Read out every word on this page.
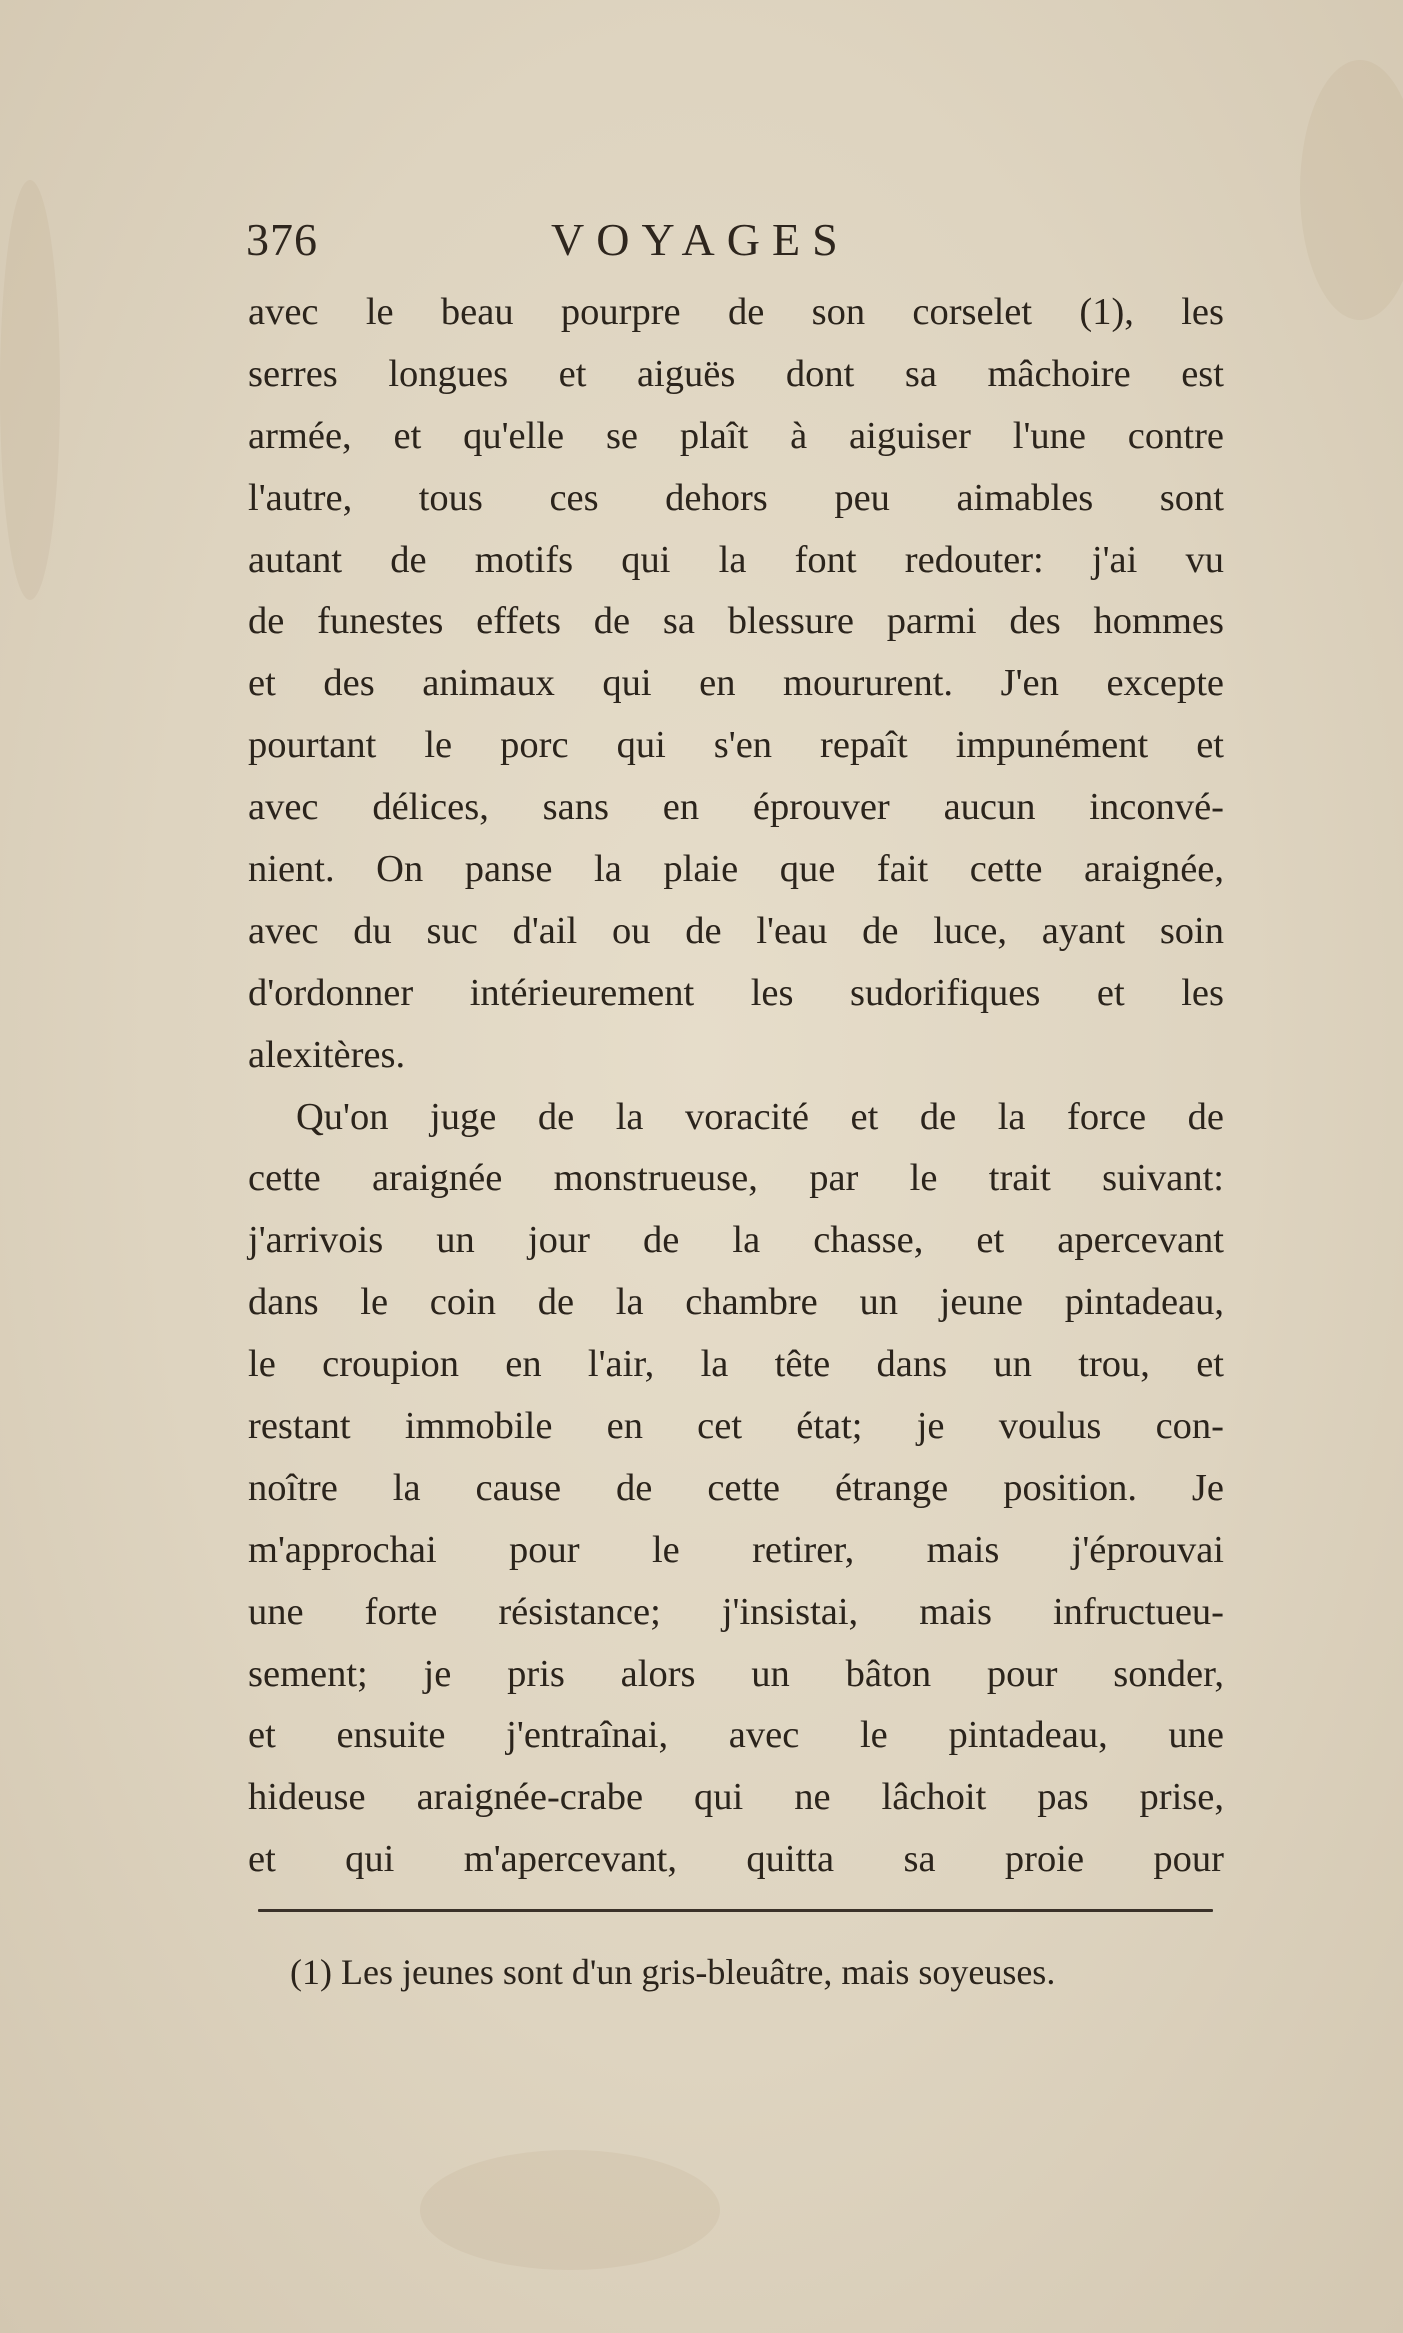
376	VOYAGES
avec le beau pourpre de son corselet (1), les
serres longues et aiguës dont sa mâchoire est
armée, et qu'elle se plaît à aiguiser l'une contre
l'autre, tous ces dehors peu aimables sont
autant de motifs qui la font redouter: j'ai vu
de funestes effets de sa blessure parmi des hommes
et des animaux qui en moururent. J'en excepte
pourtant le porc qui s'en repaît impunément et
avec délices, sans en éprouver aucun inconvé-
nient. On panse la plaie que fait cette araignée,
avec du suc d'ail ou de l'eau de luce, ayant soin
d'ordonner intérieurement les sudorifiques et les
alexitères.
Qu'on juge de la voracité et de la force de
cette araignée monstrueuse, par le trait suivant:
j'arrivois un jour de la chasse, et apercevant
dans le coin de la chambre un jeune pintadeau,
le croupion en l'air, la tête dans un trou, et
restant immobile en cet état; je voulus con-
noître la cause de cette étrange position. Je
m'approchai pour le retirer, mais j'éprouvai
une forte résistance; j'insistai, mais infructueu-
sement; je pris alors un bâton pour sonder,
et ensuite j'entraînai, avec le pintadeau, une
hideuse araignée-crabe qui ne lâchoit pas prise,
et qui m'apercevant, quitta sa proie pour
(1) Les jeunes sont d'un gris-bleuâtre, mais soyeuses.
